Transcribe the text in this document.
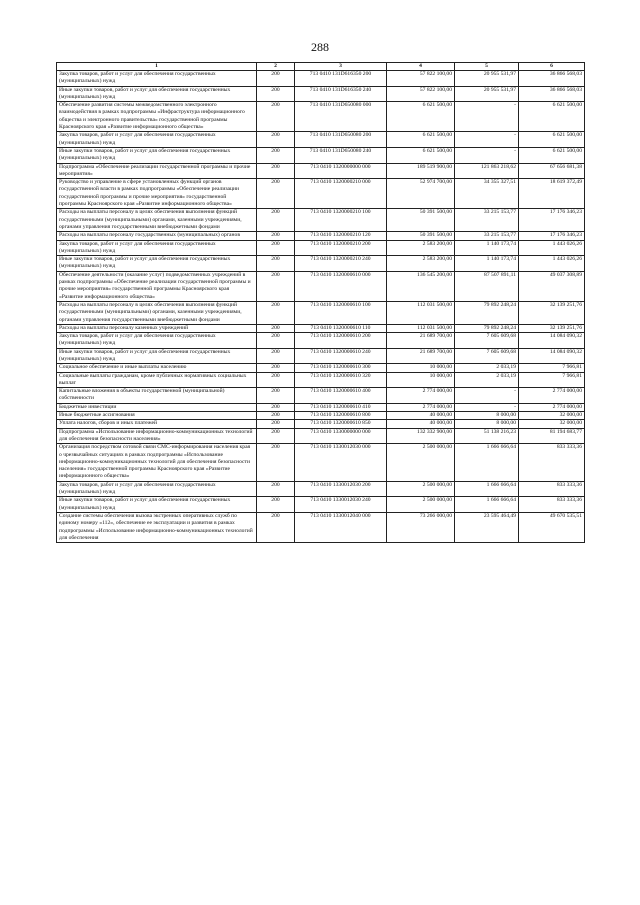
288
1	2	3	4	5	6
Закупка товаров, работ и услуг для обеспечения государственных (муниципальных) нужд	200	713 0410 131D616350 200	57 822 100,00	20 955 531,97	36 866 568,03
Иные закупки товаров, работ и услуг для обеспечения государственных (муниципальных) нужд	200	713 0410 131D616350 240	57 822 100,00	20 955 531,97	36 866 568,03
Обеспечение развития системы межведомственного электронного взаимодействия в рамках подпрограммы «Инфраструктура информационного общества и электронного правительства» государственной программы Красноярского края «Развитие информационного общества»	200	713 0410 131D650080 000	6 621 500,00	-	6 621 500,00
Закупка товаров, работ и услуг для обеспечения государственных (муниципальных) нужд	200	713 0410 131D650080 200	6 621 500,00	-	6 621 500,00
Иные закупки товаров, работ и услуг для обеспечения государственных (муниципальных) нужд	200	713 0410 131D650080 240	6 621 500,00	-	6 621 500,00
Подпрограмма «Обеспечение реализации государственной программы и прочие мероприятия»	200	713 0410 1320000000 000	189 519 900,00	121 863 218,62	67 656 681,38
Руководство и управление в сфере установленных функций органов государственной власти в рамках подпрограммы «Обеспечение реализации государственной программы и прочие мероприятия» государственной программы Красноярского края «Развитие информационного общества»	200	713 0410 1320000210 000	52 974 700,00	34 355 327,51	18 619 372,49
Расходы на выплаты персоналу в целях обеспечения выполнения функций государственными (муниципальными) органами, казенными учреждениями, органами управления государственными внебюджетными фондами	200	713 0410 1320000210 100	50 391 500,00	33 215 153,77	17 176 346,23
Расходы на выплаты персоналу государственных (муниципальных) органов	200	713 0410 1320000210 120	50 391 500,00	33 215 153,77	17 176 346,23
Закупка товаров, работ и услуг для обеспечения государственных (муниципальных) нужд	200	713 0410 1320000210 200	2 583 200,00	1 140 173,74	1 443 026,26
Иные закупки товаров, работ и услуг для обеспечения государственных (муниципальных) нужд	200	713 0410 1320000210 240	2 583 200,00	1 140 173,74	1 443 026,26
Обеспечение деятельности (оказание услуг) подведомственных учреждений в рамках подпрограммы «Обеспечение реализации государственной программы и прочие мероприятия» государственной программы Красноярского края «Развитие информационного общества»	200	713 0410 1320000610 000	136 545 200,00	87 507 891,11	49 037 308,89
Расходы на выплаты персоналу в целях обеспечения выполнения функций государственными (муниципальными) органами, казенными учреждениями, органами управления государственными внебюджетными фондами	200	713 0410 1320000610 100	112 031 500,00	79 892 248,24	32 139 251,76
Расходы на выплаты персоналу казенных учреждений	200	713 0410 1320000610 110	112 031 500,00	79 892 248,24	32 139 251,76
Закупка товаров, работ и услуг для обеспечения государственных (муниципальных) нужд	200	713 0410 1320000610 200	21 689 700,00	7 605 609,68	14 084 090,32
Иные закупки товаров, работ и услуг для обеспечения государственных (муниципальных) нужд	200	713 0410 1320000610 240	21 689 700,00	7 605 609,68	14 084 090,32
Социальное обеспечение и иные выплаты населению	200	713 0410 1320000610 300	10 000,00	2 033,19	7 966,81
Социальные выплаты гражданам, кроме публичных нормативных социальных выплат	200	713 0410 1320000610 320	10 000,00	2 033,19	7 966,81
Капитальные вложения в объекты государственной (муниципальной) собственности	200	713 0410 1320000610 400	2 774 000,00	-	2 774 000,00
Бюджетные инвестиции	200	713 0410 1320000610 410	2 774 000,00	-	2 774 000,00
Иные бюджетные ассигнования	200	713 0410 1320000610 800	40 000,00	8 000,00	32 000,00
Уплата налогов, сборов и иных платежей	200	713 0410 1320000610 850	40 000,00	8 000,00	32 000,00
Подпрограмма «Использование информационно-коммуникационных технологий для обеспечения безопасности населения»	200	713 0410 1330000000 000	132 332 900,00	51 138 216,23	81 194 683,77
Организация посредством сотовой связи СМС-информирования населения края о чрезвычайных ситуациях в рамках подпрограммы «Использование информационно-коммуникационных технологий для обеспечения безопасности населения» государственной программы Красноярского края «Развитие информационного общества»	200	713 0410 1330012030 000	2 500 000,00	1 666 666,64	833 333,36
Закупка товаров, работ и услуг для обеспечения государственных (муниципальных) нужд	200	713 0410 1330012030 200	2 500 000,00	1 666 666,64	833 333,36
Иные закупки товаров, работ и услуг для обеспечения государственных (муниципальных) нужд	200	713 0410 1330012030 240	2 500 000,00	1 666 666,64	833 333,36
Создание системы обеспечения вызова экстренных оперативных служб по единому номеру «112», обеспечение ее эксплуатации и развития в рамках подпрограммы «Использование информационно-коммуникационных технологий для обеспечения	200	713 0410 1330012040 000	73 266 000,00	23 595 464,49	49 670 535,51
